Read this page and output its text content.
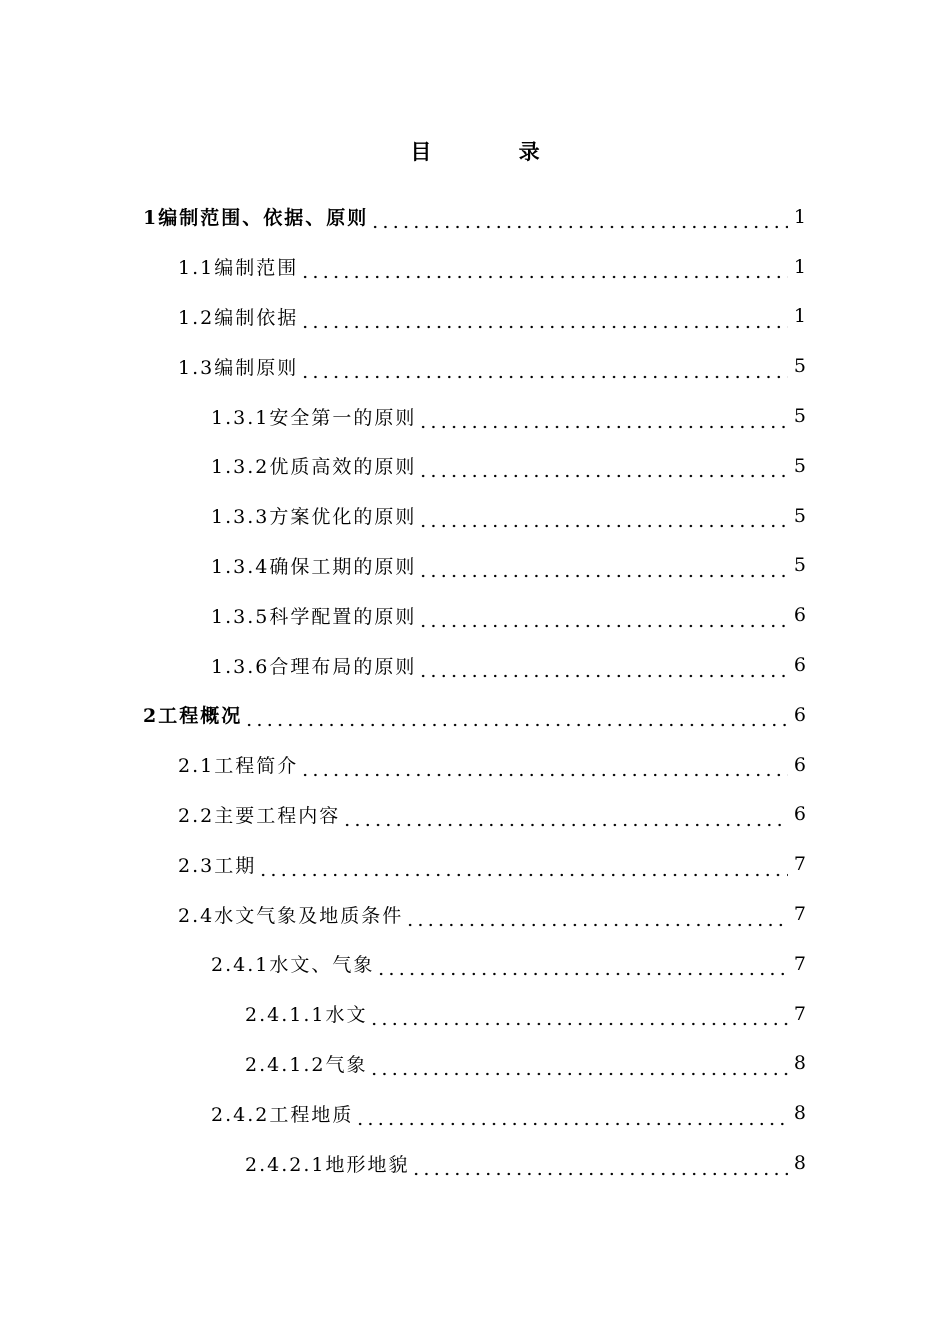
目 录
1编制范围、依据、原则	1
1.1编制范围	1
1.2编制依据	1
1.3编制原则	5
1.3.1安全第一的原则	5
1.3.2优质高效的原则	5
1.3.3方案优化的原则	5
1.3.4确保工期的原则	5
1.3.5科学配置的原则	6
1.3.6合理布局的原则	6
2工程概况	6
2.1工程简介	6
2.2主要工程内容	6
2.3工期	7
2.4水文气象及地质条件	7
2.4.1水文、气象	7
2.4.1.1水文	7
2.4.1.2气象	8
2.4.2工程地质	8
2.4.2.1地形地貌	8
